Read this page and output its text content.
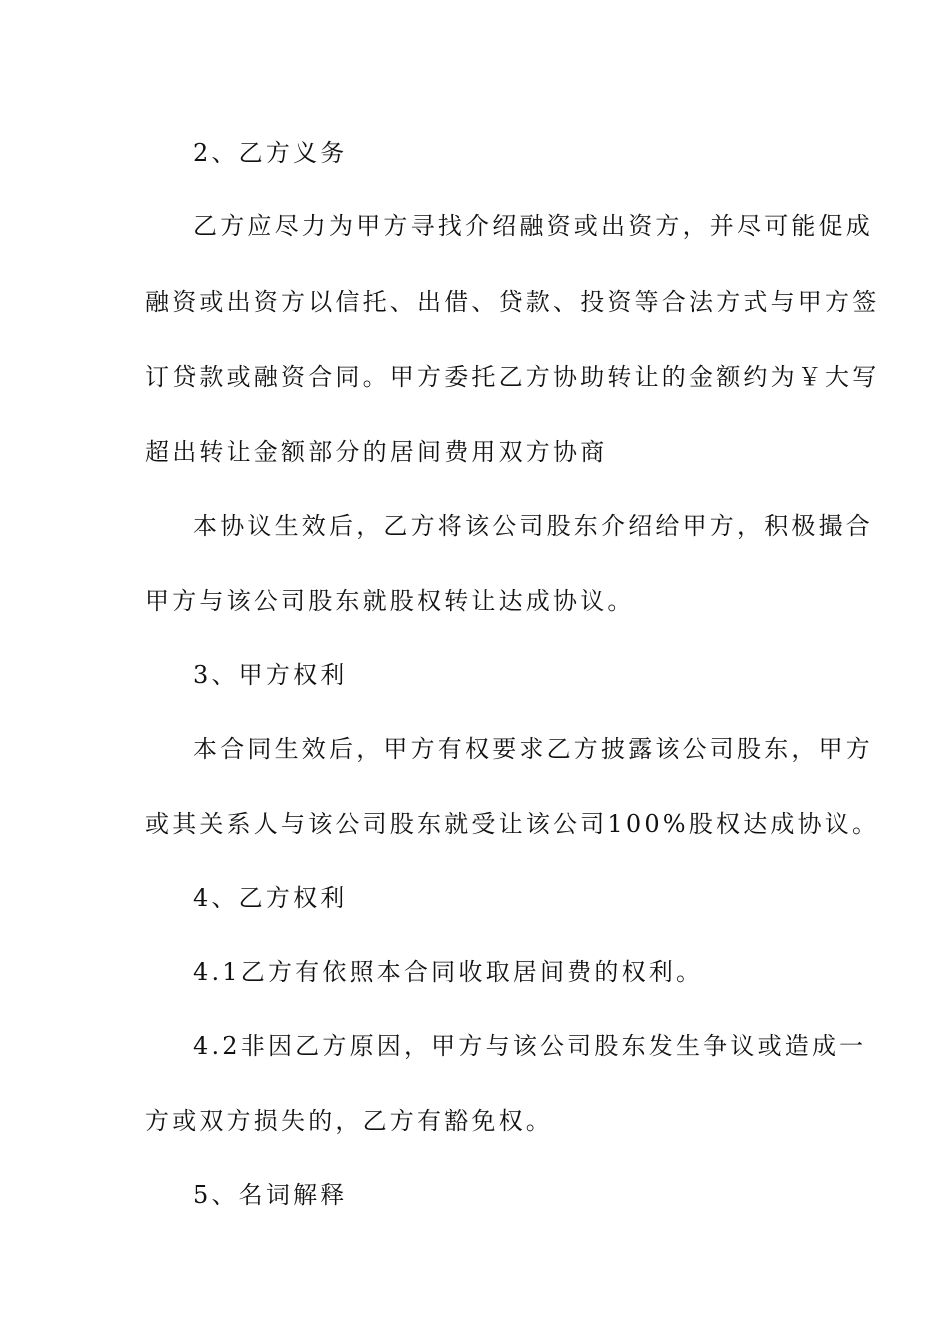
2、乙方义务
乙方应尽力为甲方寻找介绍融资或出资方，并尽可能促成
融资或出资方以信托、出借、贷款、投资等合法方式与甲方签
订贷款或融资合同。甲方委托乙方协助转让的金额约为￥大写
超出转让金额部分的居间费用双方协商
本协议生效后，乙方将该公司股东介绍给甲方，积极撮合
甲方与该公司股东就股权转让达成协议。
3、甲方权利
本合同生效后，甲方有权要求乙方披露该公司股东，甲方
或其关系人与该公司股东就受让该公司100%股权达成协议。
4、乙方权利
4.1乙方有依照本合同收取居间费的权利。
4.2非因乙方原因，甲方与该公司股东发生争议或造成一
方或双方损失的，乙方有豁免权。
5、名词解释
